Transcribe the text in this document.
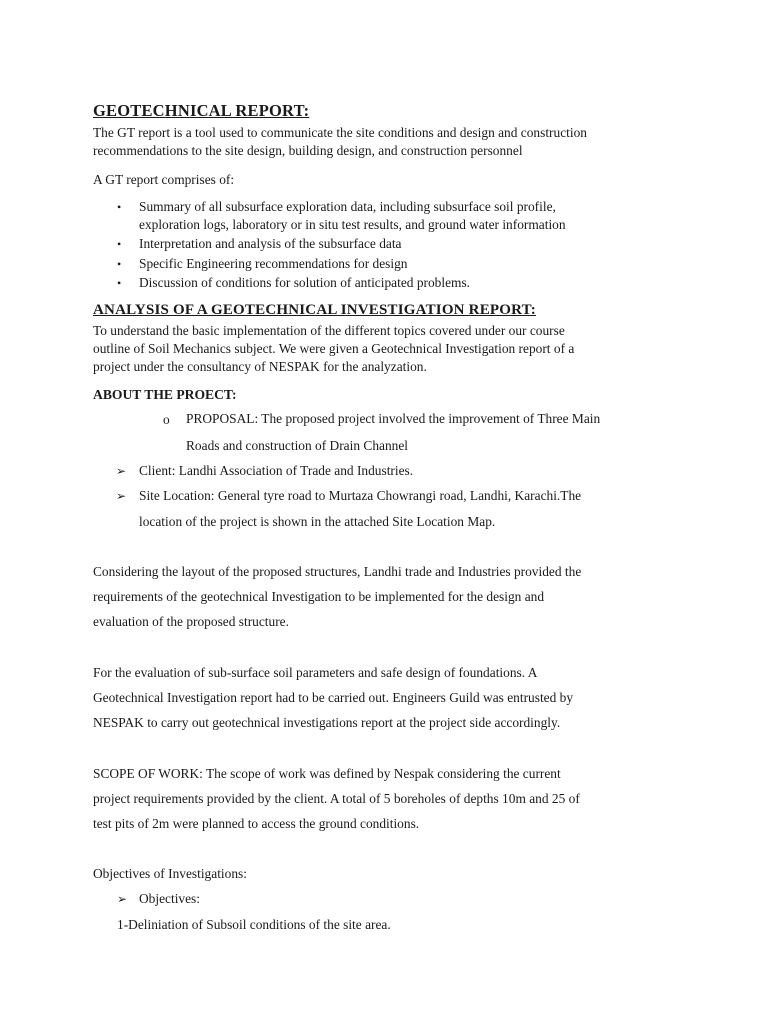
GEOTECHNICAL REPORT:
The GT report is a tool used to communicate the site conditions and design and construction
recommendations to the site design, building design, and construction personnel
A GT report comprises of:
• Summary of all subsurface exploration data, including subsurface soil profile,
exploration logs, laboratory or in situ test results, and ground water information
• Interpretation and analysis of the subsurface data
• Specific Engineering recommendations for design
• Discussion of conditions for solution of anticipated problems.
ANALYSIS OF A GEOTECHNICAL INVESTIGATION REPORT:
To understand the basic implementation of the different topics covered under our course
outline of Soil Mechanics subject. We were given a Geotechnical Investigation report of a
project under the consultancy of NESPAK for the analyzation.
ABOUT THE PROECT:
o PROPOSAL: The proposed project involved the improvement of Three Main
Roads and construction of Drain Channel
➢ Client: Landhi Association of Trade and Industries.
➢ Site Location: General tyre road to Murtaza Chowrangi road, Landhi, Karachi.The
location of the project is shown in the attached Site Location Map.
Considering the layout of the proposed structures, Landhi trade and Industries provided the
requirements of the geotechnical Investigation to be implemented for the design and
evaluation of the proposed structure.
For the evaluation of sub-surface soil parameters and safe design of foundations. A
Geotechnical Investigation report had to be carried out. Engineers Guild was entrusted by
NESPAK to carry out geotechnical investigations report at the project side accordingly.
SCOPE OF WORK: The scope of work was defined by Nespak considering the current
project requirements provided by the client. A total of 5 boreholes of depths 10m and 25 of
test pits of 2m were planned to access the ground conditions.
Objectives of Investigations:
➢ Objectives:
1-Deliniation of Subsoil conditions of the site area.
